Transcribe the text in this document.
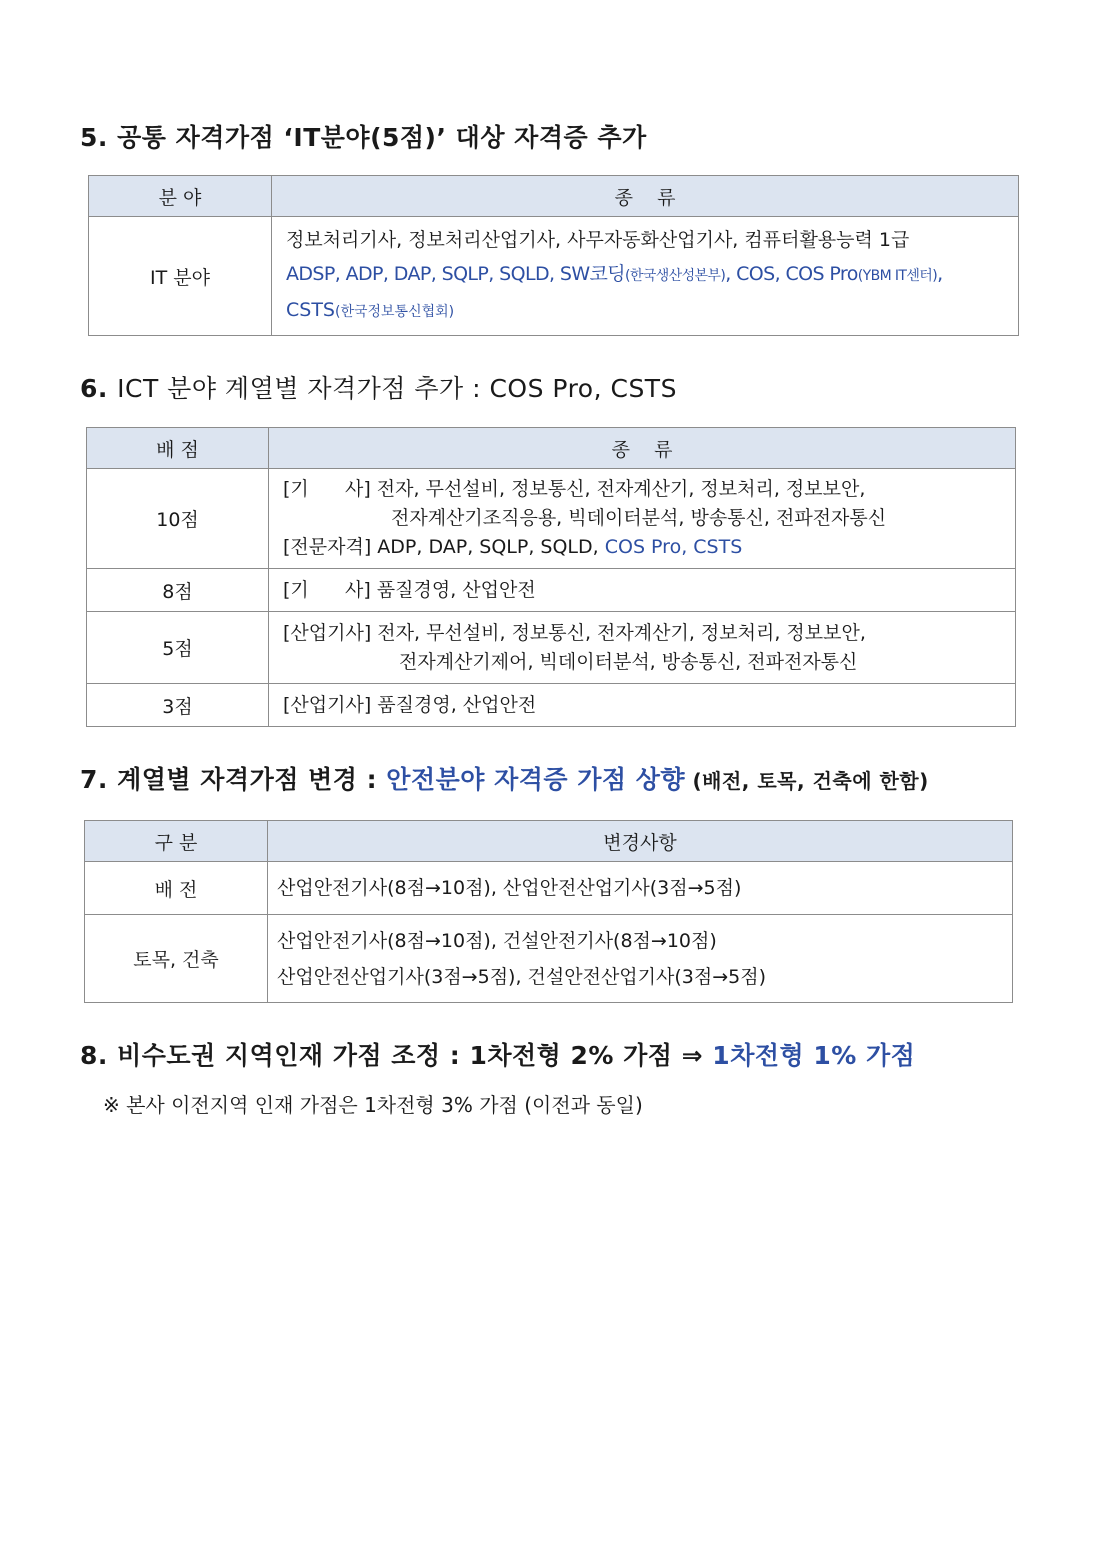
5. 공통 자격가점 ‘IT분야(5점)’ 대상 자격증 추가
분 야	종    류
IT 분야	정보처리기사, 정보처리산업기사, 사무자동화산업기사, 컴퓨터활용능력 1급
ADSP, ADP, DAP, SQLP, SQLD, SW코딩(한국생산성본부), COS, COS Pro(YBM IT센터),
CSTS(한국정보통신협회)
6. ICT 분야 계열별 자격가점 추가 : COS Pro, CSTS
배 점	종    류
10점	[기      사] 전자, 무선설비, 정보통신, 전자계산기, 정보처리, 정보보안,
전자계산기조직응용, 빅데이터분석, 방송통신, 전파전자통신
[전문자격] ADP, DAP, SQLP, SQLD, COS Pro, CSTS

8점	[기      사] 품질경영, 산업안전
5점	[산업기사] 전자, 무선설비, 정보통신, 전자계산기, 정보처리, 정보보안,
전자계산기제어, 빅데이터분석, 방송통신, 전파전자통신

3점	[산업기사] 품질경영, 산업안전
7. 계열별 자격가점 변경 : 안전분야 자격증 가점 상향 (배전, 토목, 건축에 한함)
구 분	변경사항
배 전	산업안전기사(8점→10점), 산업안전산업기사(3점→5점)
토목, 건축	산업안전기사(8점→10점), 건설안전기사(8점→10점)
산업안전산업기사(3점→5점), 건설안전산업기사(3점→5점)
8. 비수도권 지역인재 가점 조정 : 1차전형 2% 가점 ⇒ 1차전형 1% 가점
※ 본사 이전지역 인재 가점은 1차전형 3% 가점 (이전과 동일)
